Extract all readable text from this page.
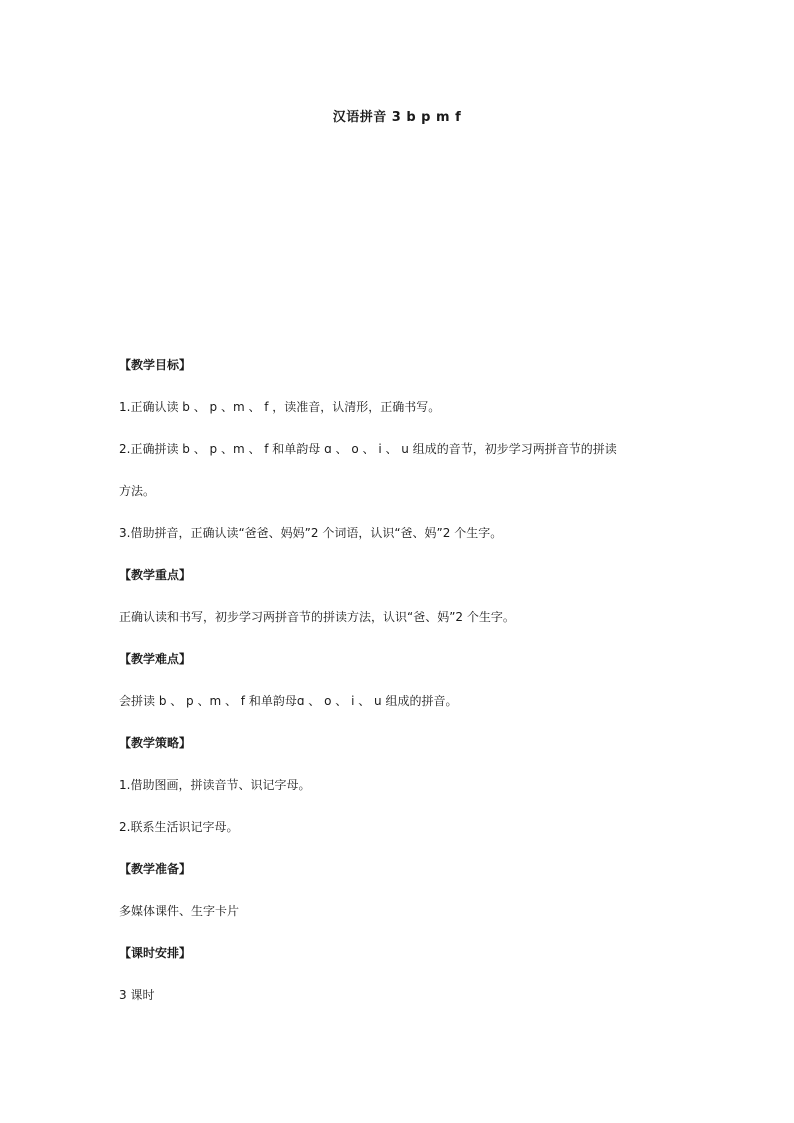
汉语拼音 3 b p m f
【教学目标】
1.正确认读 b 、 p 、m 、 f ，读准音，认清形，正确书写。
2.正确拼读 b 、 p 、m 、 f 和单韵母 ɑ 、 o 、 i 、 u 组成的音节，初步学习两拼音节的拼读
方法。
3.借助拼音，正确认读“爸爸、妈妈”2 个词语，认识“爸、妈”2 个生字。
【教学重点】
正确认读和书写，初步学习两拼音节的拼读方法，认识“爸、妈”2 个生字。
【教学难点】
会拼读 b 、 p 、m 、 f 和单韵母ɑ 、 o 、 i 、 u 组成的拼音。
【教学策略】
1.借助图画，拼读音节、识记字母。
2.联系生活识记字母。
【教学准备】
多媒体课件、生字卡片
【课时安排】
3 课时
